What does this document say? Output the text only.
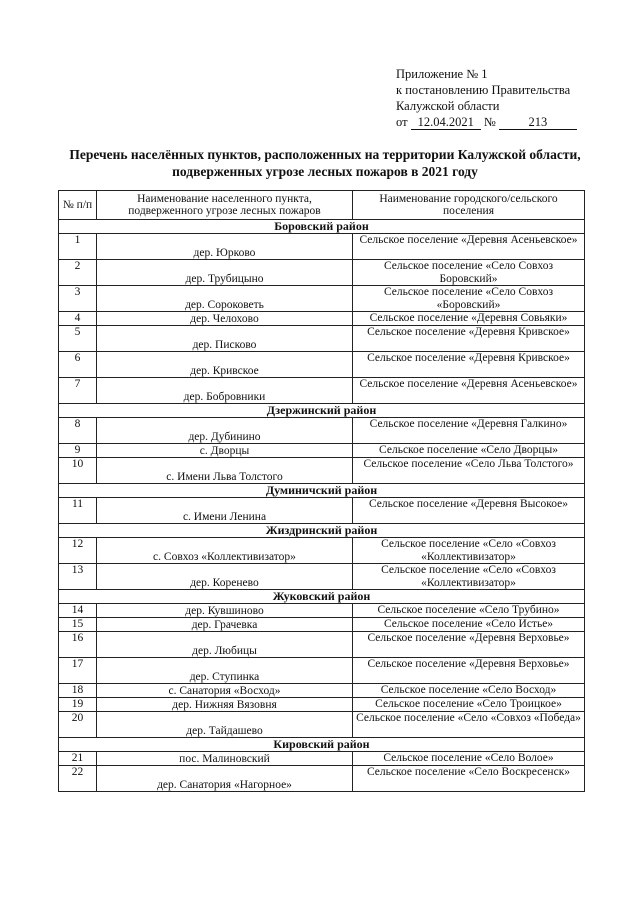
Приложение № 1
к постановлению Правительства
Калужской области
от 12.04.2021 №	213
Перечень населённых пунктов, расположенных на территории Калужской области, подверженных угрозе лесных пожаров в 2021 году
№ п/п	Наименование населенного пункта, подверженного угрозе лесных пожаров	Наименование городского/сельского поселения
Боровский район		
1	дер. Юрково	Сельское поселение «Деревня Асеньевское»
2	дер. Трубицыно	Сельское поселение «Село Совхоз Боровский»
3	дер. Сороковеть	Сельское поселение «Село Совхоз «Боровский»
4	дер. Челохово	Сельское поселение «Деревня Совьяки»
5	дер. Писково	Сельское поселение «Деревня Кривское»
6	дер. Кривское	Сельское поселение «Деревня Кривское»
7	дер. Бобровники	Сельское поселение «Деревня Асеньевское»
Дзержинский район		
8	дер. Дубинино	Сельское поселение «Деревня Галкино»
9	с. Дворцы	Сельское поселение «Село Дворцы»
10	с. Имени Льва Толстого	Сельское поселение «Село Льва Толстого»
Думиничский район		
11	с. Имени Ленина	Сельское поселение «Деревня Высокое»
Жиздринский район		
12	с. Совхоз «Коллективизатор»	Сельское поселение «Село «Совхоз «Коллективизатор»
13	дер. Кореневo	Сельское поселение «Село «Совхоз «Коллективизатор»
Жуковский район		
14	дер. Кувшиново	Сельское поселение «Село Трубино»
15	дер. Грачевка	Сельское поселение «Село Истье»
16	дер. Любицы	Сельское поселение «Деревня Верховье»
17	дер. Ступинка	Сельское поселение «Деревня Верховье»
18	с. Санатория «Восход»	Сельское поселение «Село Восход»
19	дер. Нижняя Вязовня	Сельское поселение «Село Троицкое»
20	дер. Тайдашево	Сельское поселение «Село «Совхоз «Победа»
Кировский район		
21	пос. Малиновский	Сельское поселение «Село Волое»
22	дер. Санатория «Нагорное»	Сельское поселение «Село Воскресенск»
